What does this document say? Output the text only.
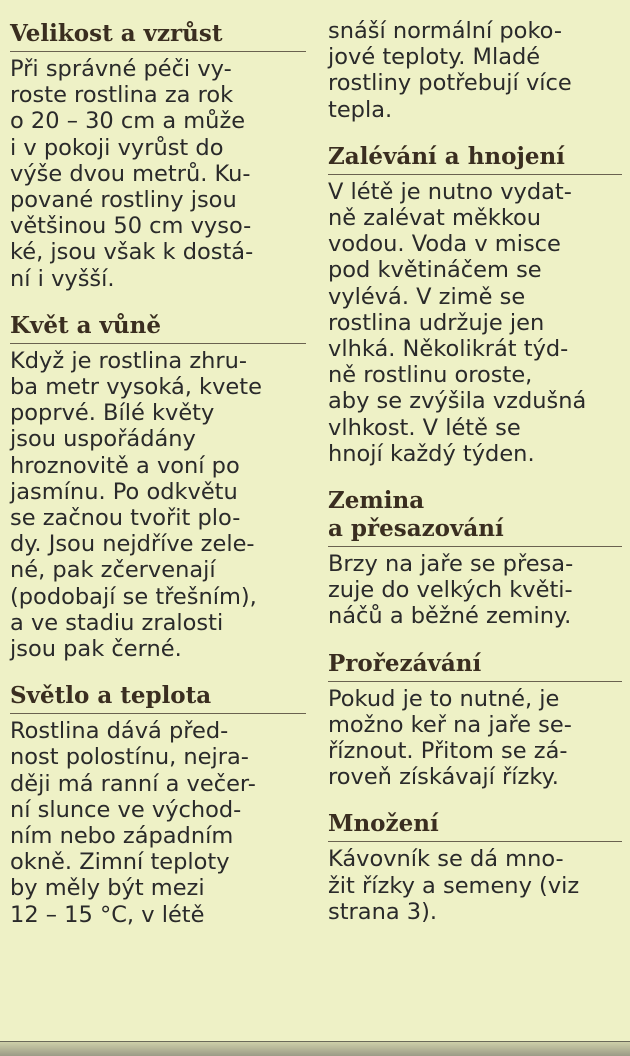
Velikost a vzrůst
Při správné péči vy-
roste rostlina za rok
o 20 – 30 cm a může
i v pokoji vyrůst do
výše dvou metrů. Ku-
pované rostliny jsou
většinou 50 cm vyso-
ké, jsou však k dostá-
ní i vyšší.
Květ a vůně
Když je rostlina zhru-
ba metr vysoká, kvete
poprvé. Bílé květy
jsou uspořádány
hroznovitě a voní po
jasmínu. Po odkvětu
se začnou tvořit plo-
dy. Jsou nejdříve zele-
né, pak zčervenají
(podobají se třešním),
a ve stadiu zralosti
jsou pak černé.
Světlo a teplota
Rostlina dává před-
nost polostínu, nejra-
ději má ranní a večer-
ní slunce ve východ-
ním nebo západním
okně. Zimní teploty
by měly být mezi
12 – 15 °C, v létě
snáší normální poko-
jové teploty. Mladé
rostliny potřebují více
tepla.
Zalévání a hnojení
V létě je nutno vydat-
ně zalévat měkkou
vodou. Voda v misce
pod květináčem se
vylévá. V zimě se
rostlina udržuje jen
vlhká. Několikrát týd-
ně rostlinu oroste,
aby se zvýšila vzdušná
vlhkost. V létě se
hnojí každý týden.
Zemina
a přesazování
Brzy na jaře se přesa-
zuje do velkých květi-
náčů a běžné zeminy.
Prořezávání
Pokud je to nutné, je
možno keř na jaře se-
říznout. Přitom se zá-
roveň získávají řízky.
Množení
Kávovník se dá mno-
žit řízky a semeny (viz
strana 3).
